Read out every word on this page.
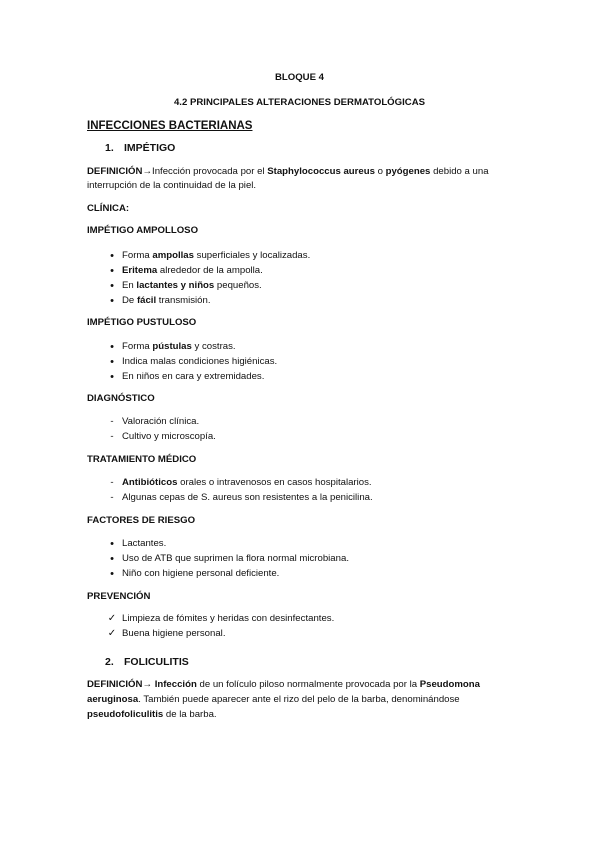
BLOQUE 4
4.2 PRINCIPALES ALTERACIONES DERMATOLÓGICAS
INFECCIONES BACTERIANAS
1. IMPÉTIGO
DEFINICIÓN→Infección provocada por el Staphylococcus aureus o pyógenes debido a una
interrupción de la continuidad de la piel.
CLÍNICA:
IMPÉTIGO AMPOLLOSO
IMPÉTIGO PUSTULOSO
DIAGNÓSTICO
TRATAMIENTO MÉDICO
FACTORES DE RIESGO
PREVENCIÓN
2. FOLICULITIS
DEFINICIÓN→ Infección de un folículo piloso normalmente provocada por la Pseudomona
aeruginosa. También puede aparecer ante el rizo del pelo de la barba, denominándose
pseudofoliculitis de la barba.
•
Forma ampollas superficiales y localizadas.
•
Eritema alrededor de la ampolla.
•
En lactantes y niños pequeños.
•
De fácil transmisión.
•
Forma pústulas y costras.
•
Indica malas condiciones higiénicas.
•
En niños en cara y extremidades.
-
Valoración clínica.
-
Cultivo y microscopía.
-
Antibióticos orales o intravenosos en casos hospitalarios.
-
Algunas cepas de S. aureus son resistentes a la penicilina.
•
Lactantes.
•
Uso de ATB que suprimen la flora normal microbiana.
•
Niño con higiene personal deficiente.
✓
Limpieza de fómites y heridas con desinfectantes.
✓
Buena higiene personal.
